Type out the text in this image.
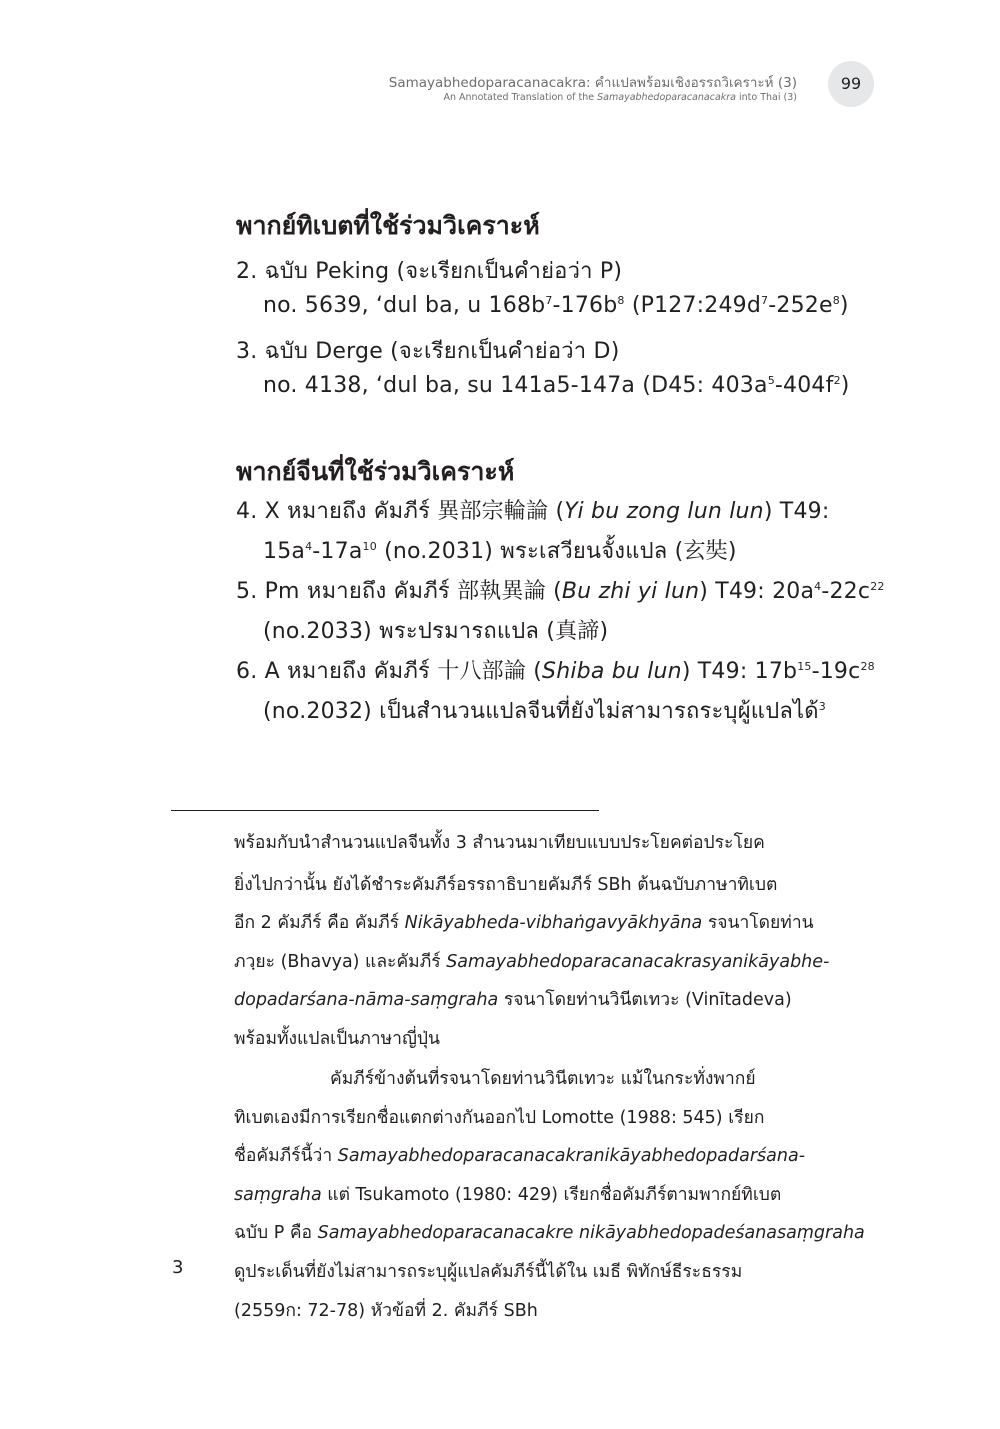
Samayabhedoparacanacakra: คำแปลพร้อมเชิงอรรถวิเคราะห์ (3)
An Annotated Translation of the Samayabhedoparacanacakra into Thai (3)
99
พากย์ทิเบตที่ใช้ร่วมวิเคราะห์
2. ฉบับ Peking (จะเรียกเป็นคำย่อว่า P)
no. 5639, ‘dul ba, u $168b^7-176b^8$ $(P127:249d^7-252e^8)$
3. ฉบับ Derge (จะเรียกเป็นคำย่อว่า D)
no. 4138, ‘dul ba, su 141a5-147a (D45: $403a^5-404f^2$)
พากย์จีนที่ใช้ร่วมวิเคราะห์
4. X หมายถึง คัมภีร์ 異部宗輪論 (Yi bu zong lun lun) T49:
$15a^4-17a^{10}$ (no.2031) พระเสวียนจั้งแปล (玄奘)
5. Pm หมายถึง คัมภีร์ 部執異論 (Bu zhi yi lun) T49: $20a^4-22c^{22}$
(no.2033) พระปรมารถแปล (真諦)
6. A หมายถึง คัมภีร์ 十八部論 (Shiba bu lun) T49: $17b^{15}-19c^{28}$
(no.2032) เป็นสำนวนแปลจีนที่ยังไม่สามารถระบุผู้แปลได้$^3$
พร้อมกับนำสำนวนแปลจีนทั้ง 3 สำนวนมาเทียบแบบประโยคต่อประโยค
ยิ่งไปกว่านั้น ยังได้ชำระคัมภีร์อรรถาธิบายคัมภีร์ SBh ต้นฉบับภาษาทิเบต
อีก 2 คัมภีร์ คือ คัมภีร์ Nikāyabheda-vibhaṅgavyākhyāna รจนาโดยท่าน
ภวฺยะ (Bhavya) และคัมภีร์ Samayabhedoparacanacakrasyanikāyabhe-
dopadarśana-nāma-saṃgraha รจนาโดยท่านวินีตเทวะ (Vinītadeva)
พร้อมทั้งแปลเป็นภาษาญี่ปุ่น
คัมภีร์ข้างต้นที่รจนาโดยท่านวินีตเทวะ แม้ในกระทั่งพากย์
ทิเบตเองมีการเรียกชื่อแตกต่างกันออกไป Lomotte (1988: 545) เรียก
ชื่อคัมภีร์นี้ว่า Samayabhedoparacanacakranikāyabhedopadarśana-
saṃgraha แต่ Tsukamoto (1980: 429) เรียกชื่อคัมภีร์ตามพากย์ทิเบต
ฉบับ P คือ Samayabhedoparacanacakre nikāyabhedopadeśanasaṃgraha
3	ดูประเด็นที่ยังไม่สามารถระบุผู้แปลคัมภีร์นี้ได้ใน เมธี พิทักษ์ธีระธรรม
(2559ก: 72-78) หัวข้อที่ 2. คัมภีร์ SBh
